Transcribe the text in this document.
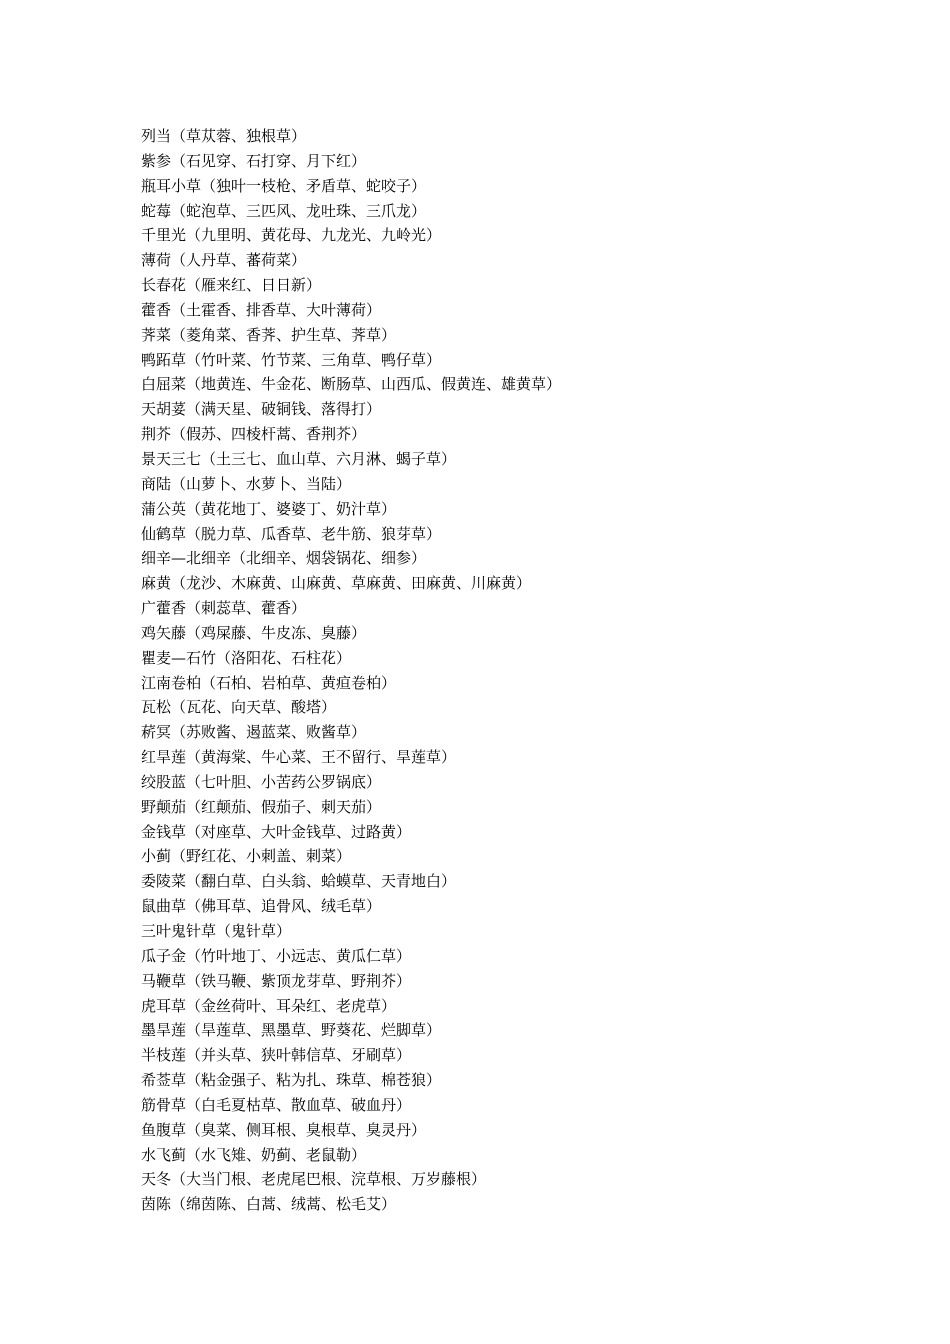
列当（草苁蓉、独根草）
紫参（石见穿、石打穿、月下红）
瓶耳小草（独叶一枝枪、矛盾草、蛇咬子）
蛇莓（蛇泡草、三匹风、龙吐珠、三爪龙）
千里光（九里明、黄花母、九龙光、九岭光）
薄荷（人丹草、蕃荷菜）
长春花（雁来红、日日新）
藿香（土霍香、排香草、大叶薄荷）
荠菜（菱角菜、香荠、护生草、荠草）
鸭跖草（竹叶菜、竹节菜、三角草、鸭仔草）
白屈菜（地黄连、牛金花、断肠草、山西瓜、假黄连、雄黄草）
天胡荽（满天星、破铜钱、落得打）
荆芥（假苏、四棱杆蒿、香荆芥）
景天三七（土三七、血山草、六月淋、蝎子草）
商陆（山萝卜、水萝卜、当陆）
蒲公英（黄花地丁、婆婆丁、奶汁草）
仙鹤草（脱力草、瓜香草、老牛筋、狼芽草）
细辛—北细辛（北细辛、烟袋锅花、细参）
麻黄（龙沙、木麻黄、山麻黄、草麻黄、田麻黄、川麻黄）
广藿香（刺蕊草、藿香）
鸡矢藤（鸡屎藤、牛皮冻、臭藤）
瞿麦—石竹（洛阳花、石柱花）
江南卷柏（石柏、岩柏草、黄疸卷柏）
瓦松（瓦花、向天草、酸塔）
菥冥（苏败酱、遏蓝菜、败酱草）
红旱莲（黄海棠、牛心菜、王不留行、旱莲草）
绞股蓝（七叶胆、小苦药公罗锅底）
野颠茄（红颠茄、假茄子、刺天茄）
金钱草（对座草、大叶金钱草、过路黄）
小蓟（野红花、小刺盖、刺菜）
委陵菜（翻白草、白头翁、蛤蟆草、天青地白）
鼠曲草（佛耳草、追骨风、绒毛草）
三叶鬼针草（鬼针草）
瓜子金（竹叶地丁、小远志、黄瓜仁草）
马鞭草（铁马鞭、紫顶龙芽草、野荆芥）
虎耳草（金丝荷叶、耳朵红、老虎草）
墨旱莲（旱莲草、黑墨草、野葵花、烂脚草）
半枝莲（并头草、狭叶韩信草、牙刷草）
希莶草（粘金强子、粘为扎、珠草、棉苍狼）
筋骨草（白毛夏枯草、散血草、破血丹）
鱼腹草（臭菜、侧耳根、臭根草、臭灵丹）
水飞蓟（水飞雉、奶蓟、老鼠勒）
天冬（大当门根、老虎尾巴根、浣草根、万岁藤根）
茵陈（绵茵陈、白蒿、绒蒿、松毛艾）
